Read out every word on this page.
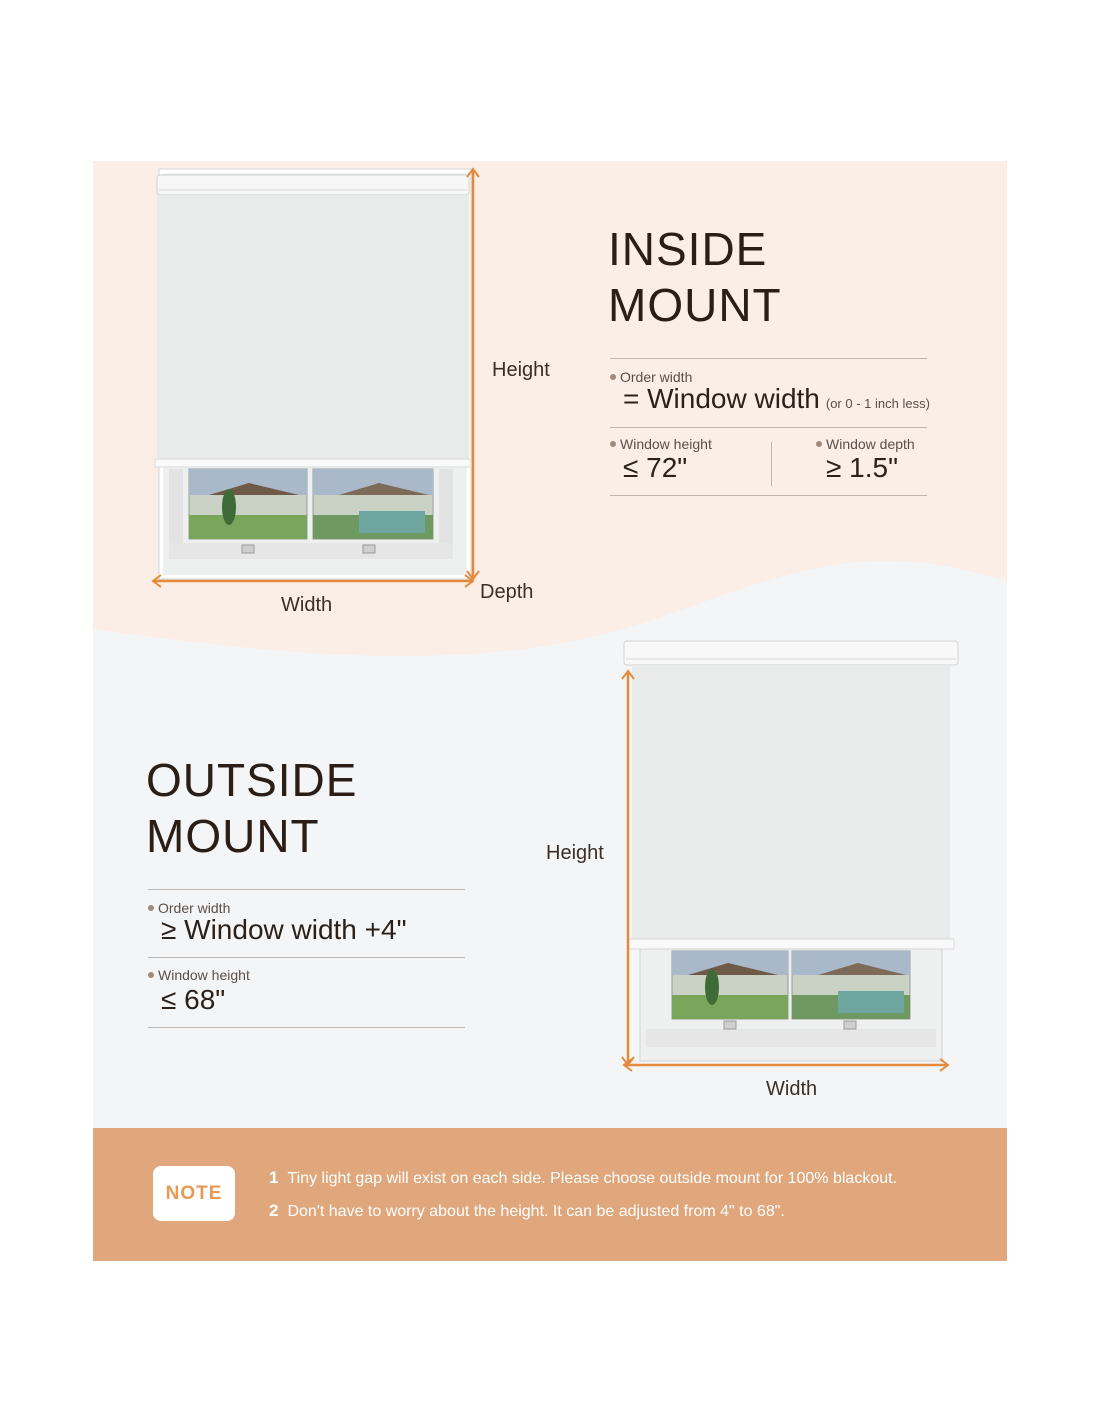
Height
Width
Depth
INSIDE
MOUNT
Order width
= Window width (or 0 - 1 inch less)
Window height
≤ 72"
Window depth
≥ 1.5"
OUTSIDE
MOUNT
Order width
≥ Window width +4"
Window height
≤ 68"
Height
Width
NOTE
1 Tiny light gap will exist on each side. Please choose outside mount for 100% blackout.
2 Don't have to worry about the height. It can be adjusted from 4" to 68".
